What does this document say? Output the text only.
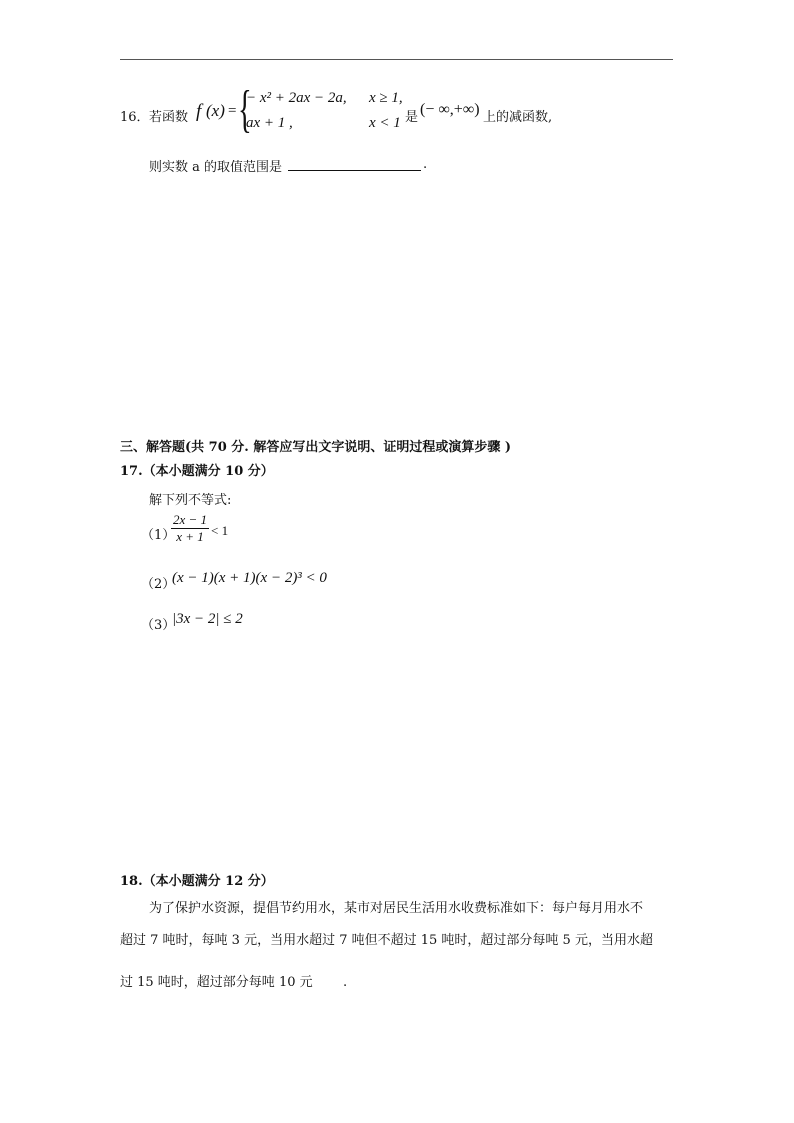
16． 若函数 f (x) = {
− x² + 2ax − 2a, x ≥ 1,
ax + 1 ,	x < 1 是 (− ∞,+∞) 上的减函数,
则实数 a 的取值范围是	.
三、解答题(共 70 分. 解答应写出文字说明、证明过程或演算步骤 )
17.（本小题满分 10 分）
解下列不等式:
（1）
$\frac{2x - 1}{x + 1} < 1$
（2）
(x − 1)(x + 1)(x − 2)³ < 0
（3）
|3x − 2| ≤ 2
18.（本小题满分 12 分）
为了保护水资源，提倡节约用水，某市对居民生活用水收费标准如下：每户每月用水不
超过 7 吨时，每吨 3 元，当用水超过 7 吨但不超过 15 吨时，超过部分每吨 5 元，当用水超
过 15 吨时，超过部分每吨 10 元 .
